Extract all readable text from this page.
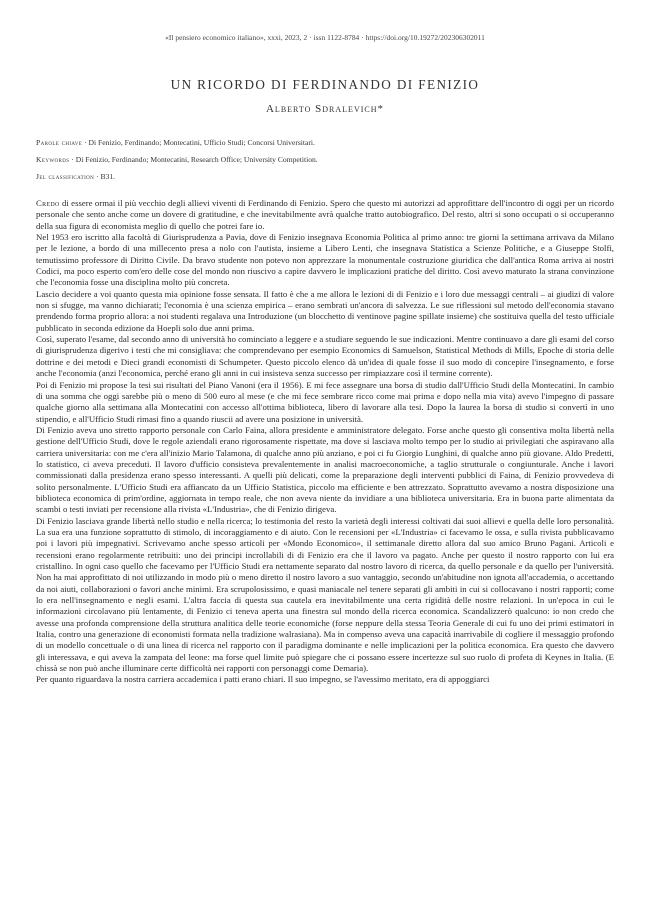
«Il pensiero economico italiano», xxxi, 2023, 2 · issn 1122-8784 · https://doi.org/10.19272/202306302011
UN RICORDO DI FERDINANDO DI FENIZIO
Alberto Sdralevich*
Parole chiave · Di Fenizio, Ferdinando; Montecatini, Ufficio Studi; Concorsi Universitari.
Keywords · Di Fenizio, Ferdinando; Montecatini, Research Office; University Competition.
Jel classification · B31.

Credo di essere ormai il più vecchio degli allievi viventi di Ferdinando di Fenizio. Spero che questo mi autorizzi ad approfittare dell'incontro di oggi per un ricordo personale che sento anche come un dovere di gratitudine, e che inevitabilmente avrà qualche tratto autobiografico. Del resto, altri si sono occupati o si occuperanno della sua figura di economista meglio di quello che potrei fare io.

Nel 1953 ero iscritto alla facoltà di Giurisprudenza a Pavia, dove di Fenizio insegnava Economia Politica al primo anno: tre giorni la settimana arrivava da Milano per le lezione, a bordo di una millecento presa a nolo con l'autista, insieme a Libero Lenti, che insegnava Statistica a Scienze Politiche, e a Giuseppe Stolfi, temutissimo professore di Diritto Civile. Da bravo studente non potevo non apprezzare la monumentale costruzione giuridica che dall'antica Roma arriva ai nostri Codici, ma poco esperto com'ero delle cose del mondo non riuscivo a capire davvero le implicazioni pratiche del diritto. Così avevo maturato la strana convinzione che l'economia fosse una disciplina molto più concreta.

Lascio decidere a voi quanto questa mia opinione fosse sensata. Il fatto è che a me allora le lezioni di di Fenizio e i loro due messaggi centrali – ai giudizi di valore non si sfugge, ma vanno dichiarati; l'economia è una scienza empirica – erano sembrati un'ancora di salvezza. Le sue riflessioni sul metodo dell'economia stavano prendendo forma proprio allora: a noi studenti regalava una Introduzione (un blocchetto di ventinove pagine spillate insieme) che sostituiva quella del testo ufficiale pubblicato in seconda edizione da Hoepli solo due anni prima.

Così, superato l'esame, dal secondo anno di università ho cominciato a leggere e a studiare seguendo le sue indicazioni. Mentre continuavo a dare gli esami del corso di giurisprudenza digerivo i testi che mi consigliava: che comprendevano per esempio Economics di Samuelson, Statistical Methods di Mills, Epoche di storia delle dottrine e dei metodi e Dieci grandi economisti di Schumpeter. Questo piccolo elenco dà un'idea di quale fosse il suo modo di concepire l'insegnamento, e forse anche l'economia (anzi l'economica, perché erano gli anni in cui insisteva senza successo per rimpiazzare così il termine corrente).

Poi di Fenizio mi propose la tesi sui risultati del Piano Vanoni (era il 1956). E mi fece assegnare una borsa di studio dall'Ufficio Studi della Montecatini. In cambio di una somma che oggi sarebbe più o meno di 500 euro al mese (e che mi fece sembrare ricco come mai prima e dopo nella mia vita) avevo l'impegno di passare qualche giorno alla settimana alla Montecatini con accesso all'ottima biblioteca, libero di lavorare alla tesi. Dopo la laurea la borsa di studio si convertì in uno stipendio, e all'Ufficio Studi rimasi fino a quando riuscii ad avere una posizione in università.

Di Fenizio aveva uno stretto rapporto personale con Carlo Faina, allora presidente e amministratore delegato. Forse anche questo gli consentiva molta libertà nella gestione dell'Ufficio Studi, dove le regole aziendali erano rigorosamente rispettate, ma dove si lasciava molto tempo per lo studio ai privilegiati che aspiravano alla carriera universitaria: con me c'era all'inizio Mario Talamona, di qualche anno più anziano, e poi ci fu Giorgio Lunghini, di qualche anno più giovane. Aldo Predetti, lo statistico, ci aveva preceduti. Il lavoro d'ufficio consisteva prevalentemente in analisi macroeconomiche, a taglio strutturale o congiunturale. Anche i lavori commissionati dalla presidenza erano spesso interessanti. A quelli più delicati, come la preparazione degli interventi pubblici di Faina, di Fenizio provvedeva di solito personalmente. L'Ufficio Studi era affiancato da un Ufficio Statistica, piccolo ma efficiente e ben attrezzato. Soprattutto avevamo a nostra disposizione una biblioteca economica di prim'ordine, aggiornata in tempo reale, che non aveva niente da invidiare a una biblioteca universitaria. Era in buona parte alimentata da scambi o testi inviati per recensione alla rivista «L'Industria», che di Fenizio dirigeva.

Di Fenizio lasciava grande libertà nello studio e nella ricerca; lo testimonia del resto la varietà degli interessi coltivati dai suoi allievi e quella delle loro personalità. La sua era una funzione soprattutto di stimolo, di incoraggiamento e di aiuto. Con le recensioni per «L'Industria» ci facevamo le ossa, e sulla rivista pubblicavamo poi i lavori più impegnativi. Scrivevamo anche spesso articoli per «Mondo Economico», il settimanale diretto allora dal suo amico Bruno Pagani. Articoli e recensioni erano regolarmente retribuiti: uno dei principi incrollabili di di Fenizio era che il lavoro va pagato. Anche per questo il nostro rapporto con lui era cristallino. In ogni caso quello che facevamo per l'Ufficio Studi era nettamente separato dal nostro lavoro di ricerca, da quello personale e da quello per l'università. Non ha mai approfittato di noi utilizzando in modo più o meno diretto il nostro lavoro a suo vantaggio, secondo un'abitudine non ignota all'accademia, o accettando da noi aiuti, collaborazioni o favori anche minimi. Era scrupolosissimo, e quasi maniacale nel tenere separati gli ambiti in cui si collocavano i nostri rapporti; come lo era nell'insegnamento e negli esami. L'altra faccia di questa sua cautela era inevitabilmente una certa rigidità delle nostre relazioni. In un'epoca in cui le informazioni circolavano più lentamente, di Fenizio ci teneva aperta una finestra sul mondo della ricerca economica. Scandalizzerò qualcuno: io non credo che avesse una profonda comprensione della struttura analitica delle teorie economiche (forse neppure della stessa Teoria Generale di cui fu uno dei primi estimatori in Italia, contro una generazione di economisti formata nella tradizione walrasiana). Ma in compenso aveva una capacità inarrivabile di cogliere il messaggio profondo di un modello concettuale o di una linea di ricerca nel rapporto con il paradigma dominante e nelle implicazioni per la politica economica. Era questo che davvero gli interessava, e qui aveva la zampata del leone: ma forse quel limite può spiegare che ci possano essere incertezze sul suo ruolo di profeta di Keynes in Italia. (E chissà se non può anche illuminare certe difficoltà nei rapporti con personaggi come Demaria).

Per quanto riguardava la nostra carriera accademica i patti erano chiari. Il suo impegno, se l'avessimo meritato, era di appoggiarci
